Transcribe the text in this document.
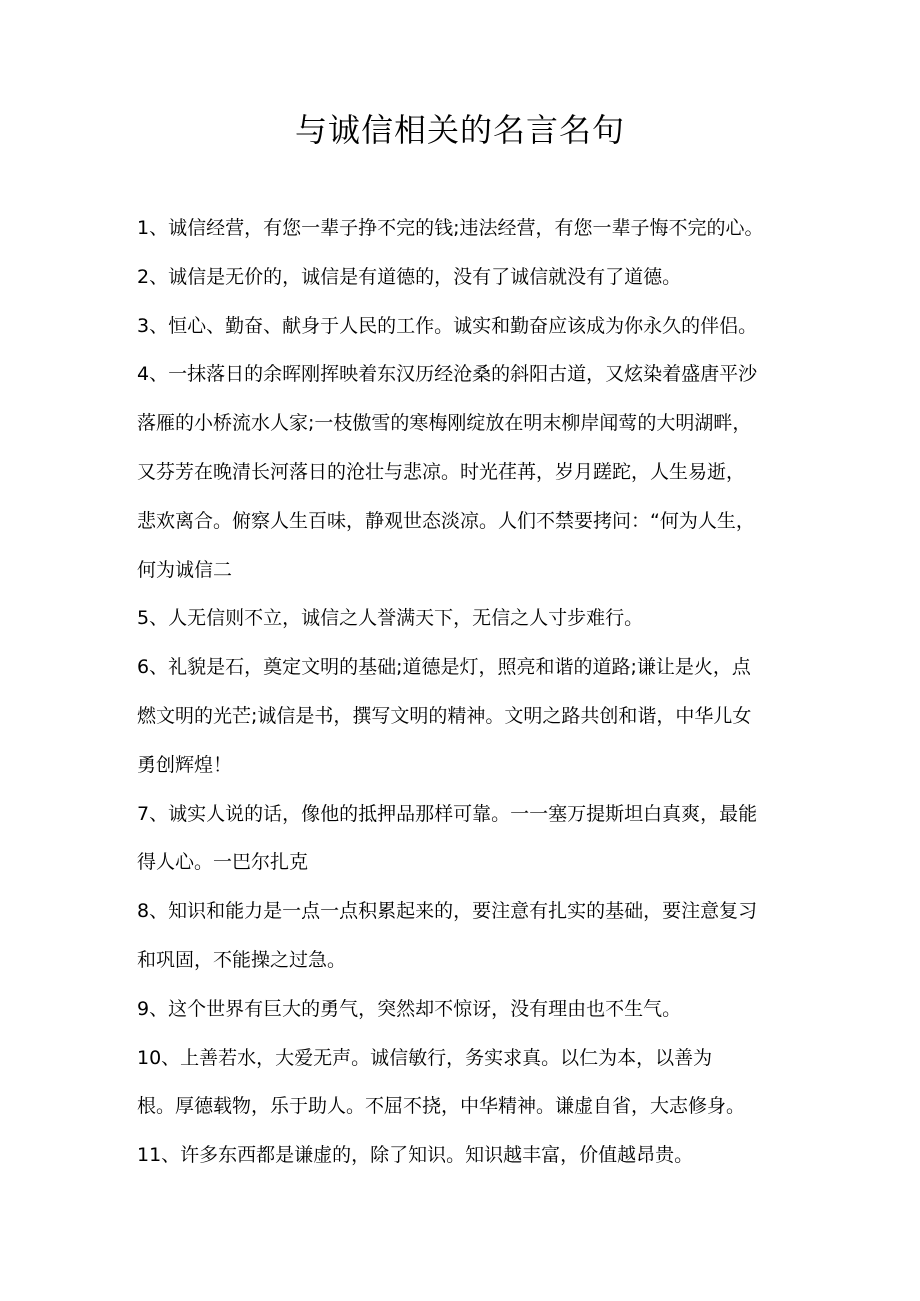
与诚信相关的名言名句
1、诚信经营，有您一辈子挣不完的钱;违法经营，有您一辈子悔不完的心。
2、诚信是无价的，诚信是有道德的，没有了诚信就没有了道德。
3、恒心、勤奋、献身于人民的工作。诚实和勤奋应该成为你永久的伴侣。
4、一抹落日的余晖刚挥映着东汉历经沧桑的斜阳古道，又炫染着盛唐平沙
落雁的小桥流水人家;一枝傲雪的寒梅刚绽放在明末柳岸闻莺的大明湖畔，
又芬芳在晚清长河落日的沧壮与悲凉。时光荏苒，岁月蹉跎，人生易逝，
悲欢离合。俯察人生百味，静观世态淡凉。人们不禁要拷问：“何为人生，
何为诚信二
5、人无信则不立，诚信之人誉满天下，无信之人寸步难行。
6、礼貌是石，奠定文明的基础;道德是灯，照亮和谐的道路;谦让是火，点
燃文明的光芒;诚信是书，撰写文明的精神。文明之路共创和谐，中华儿女
勇创辉煌！
7、诚实人说的话，像他的抵押品那样可靠。一一塞万提斯坦白真爽，最能
得人心。一巴尔扎克
8、知识和能力是一点一点积累起来的，要注意有扎实的基础，要注意复习
和巩固，不能操之过急。
9、这个世界有巨大的勇气，突然却不惊讶，没有理由也不生气。
10、上善若水，大爱无声。诚信敏行，务实求真。以仁为本，以善为
根。厚德载物，乐于助人。不屈不挠，中华精神。谦虚自省，大志修身。
11、许多东西都是谦虚的，除了知识。知识越丰富，价值越昂贵。
